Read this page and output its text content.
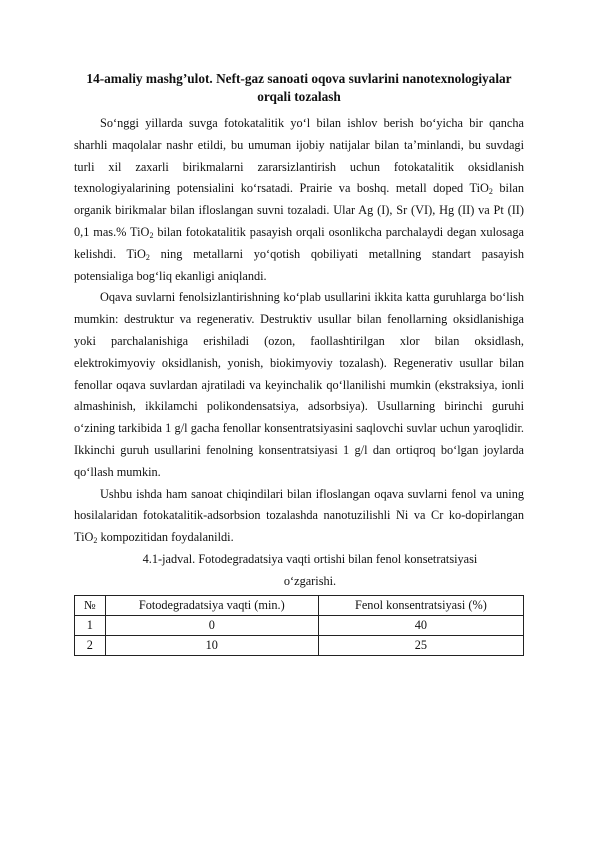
14-amaliy mashg’ulot. Neft-gaz sanoati oqova suvlarini nanotexnologiyalar orqali tozalash

So‘nggi yillarda suvga fotokatalitik yo‘l bilan ishlov berish bo‘yicha bir qancha sharhli maqolalar nashr etildi, bu umuman ijobiy natijalar bilan ta’minlandi, bu suvdagi turli xil zaxarli birikmalarni zararsizlantirish uchun fotokatalitik oksidlanish texnologiyalarining potensialini ko‘rsatadi. Prairie va boshq. metall doped TiO$_2$ bilan organik birikmalar bilan ifloslangan suvni tozaladi. Ular Ag (I), Sr (VI), Hg (II) va Pt (II) 0,1 mas.% TiO$_2$ bilan fotokatalitik pasayish orqali osonlikcha parchalaydi degan xulosaga kelishdi. TiO$_2$ ning metallarni yo‘qotish qobiliyati metallning standart pasayish potensialiga bog‘liq ekanligi aniqlandi.

Oqava suvlarni fenolsizlantirishning ko‘plab usullarini ikkita katta guruhlarga bo‘lish mumkin: destruktur va regenerativ. Destruktiv usullar bilan fenollarning oksidlanishiga yoki parchalanishiga erishiladi (ozon, faollashtirilgan xlor bilan oksidlash, elektrokimyoviy oksidlanish, yonish, biokimyoviy tozalash). Regenerativ usullar bilan fenollar oqava suvlardan ajratiladi va keyinchalik qo‘llanilishi mumkin (ekstraksiya, ionli almashinish, ikkilamchi polikondensatsiya, adsorbsiya). Usullarning birinchi guruhi o‘zining tarkibida 1 g/l gacha fenollar konsentratsiyasini saqlovchi suvlar uchun yaroqlidir. Ikkinchi guruh usullarini fenolning konsentratsiyasi 1 g/l dan ortiqroq bo‘lgan joylarda qo‘llash mumkin.

Ushbu ishda ham sanoat chiqindilari bilan ifloslangan oqava suvlarni fenol va uning hosilalaridan fotokatalitik-adsorbsion tozalashda nanotuzilishli Ni va Cr ko-dopirlangan TiO$_2$ kompozitidan foydalanildi.

4.1-jadval. Fotodegradatsiya vaqti ortishi bilan fenol konsetratsiyasi
o‘zgarishi.

№	Fotodegradatsiya vaqti (min.)	Fenol konsentratsiyasi (%)
1	0	40
2	10	25
